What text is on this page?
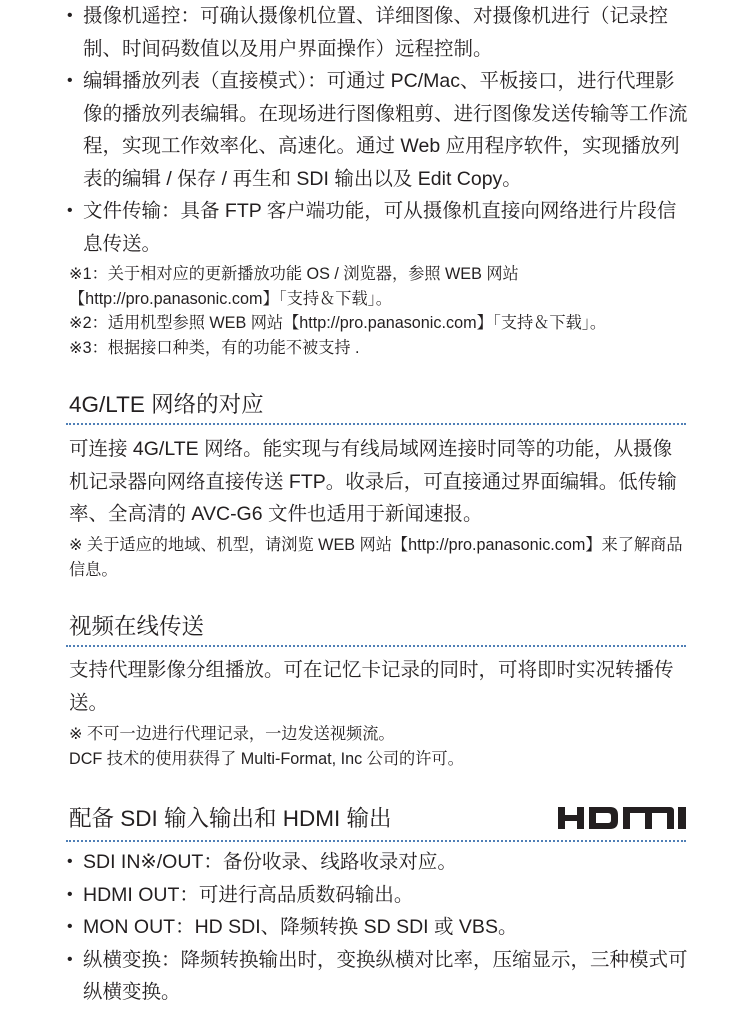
• 摄像机遥控：可确认摄像机位置、详细图像、对摄像机进行（记录控制、时间码数值以及用户界面操作）远程控制。
• 编辑播放列表（直接模式）：可通过 PC/Mac、平板接口，进行代理影像的播放列表编辑。在现场进行图像粗剪、进行图像发送传输等工作流程，实现工作效率化、高速化。通过 Web 应用程序软件，实现播放列表的编辑 / 保存 / 再生和 SDI 输出以及 Edit Copy。
• 文件传输：具备 FTP 客户端功能，可从摄像机直接向网络进行片段信息传送。
※1：关于相对应的更新播放功能 OS / 浏览器，参照 WEB 网站【http://pro.panasonic.com】「支持＆下载」。
※2：适用机型参照 WEB 网站【http://pro.panasonic.com】「支持＆下载」。
※3：根据接口种类，有的功能不被支持 .
4G/LTE 网络的对应
可连接 4G/LTE 网络。能实现与有线局域网连接时同等的功能，从摄像机记录器向网络直接传送 FTP。收录后，可直接通过界面编辑。低传输率、全高清的 AVC-G6 文件也适用于新闻速报。
※ 关于适应的地域、机型，请浏览 WEB 网站【http://pro.panasonic.com】来了解商品信息。
视频在线传送
支持代理影像分组播放。可在记忆卡记录的同时，可将即时实况转播传送。
※ 不可一边进行代理记录，一边发送视频流。
DCF 技术的使用获得了 Multi-Format, Inc 公司的许可。
配备 SDI 输入输出和 HDMI 输出
• SDI IN※/OUT：备份收录、线路收录对应。
• HDMI OUT：可进行高品质数码输出。
• MON OUT：HD SDI、降频转换 SD SDI 或 VBS。
• 纵横变换：降频转换输出时，变换纵横对比率，压缩显示，三种模式可纵横变换。
